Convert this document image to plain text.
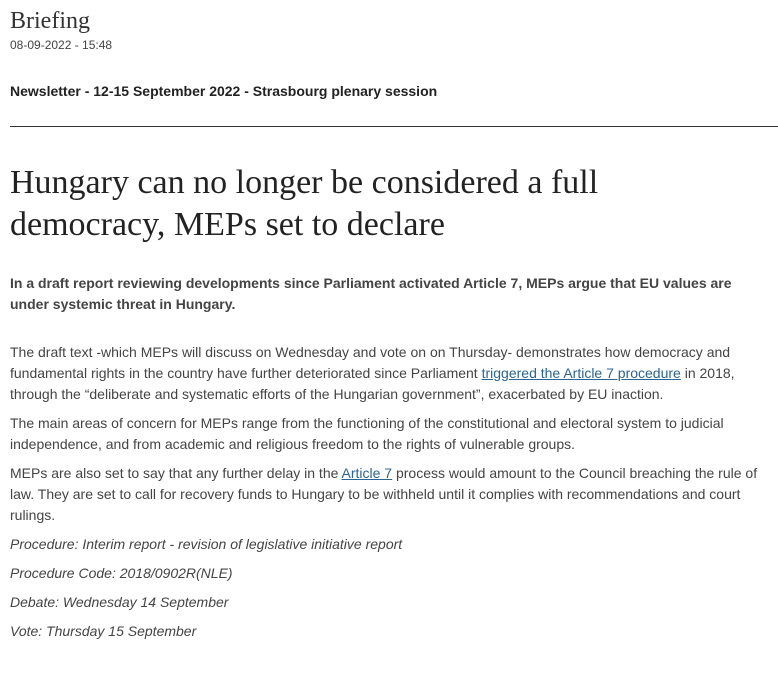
Briefing
08-09-2022 - 15:48
Newsletter - 12-15 September 2022 - Strasbourg plenary session
Hungary can no longer be considered a full democracy, MEPs set to declare

In a draft report reviewing developments since Parliament activated Article 7, MEPs argue that EU values are under systemic threat in Hungary.

The draft text -which MEPs will discuss on Wednesday and vote on on Thursday- demonstrates how democracy and fundamental rights in the country have further deteriorated since Parliament triggered the Article 7 procedure in 2018, through the “deliberate and systematic efforts of the Hungarian government”, exacerbated by EU inaction.

The main areas of concern for MEPs range from the functioning of the constitutional and electoral system to judicial independence, and from academic and religious freedom to the rights of vulnerable groups.

MEPs are also set to say that any further delay in the Article 7 process would amount to the Council breaching the rule of law. They are set to call for recovery funds to Hungary to be withheld until it complies with recommendations and court rulings.

Procedure: Interim report - revision of legislative initiative report

Procedure Code: 2018/0902R(NLE)

Debate: Wednesday 14 September

Vote: Thursday 15 September
